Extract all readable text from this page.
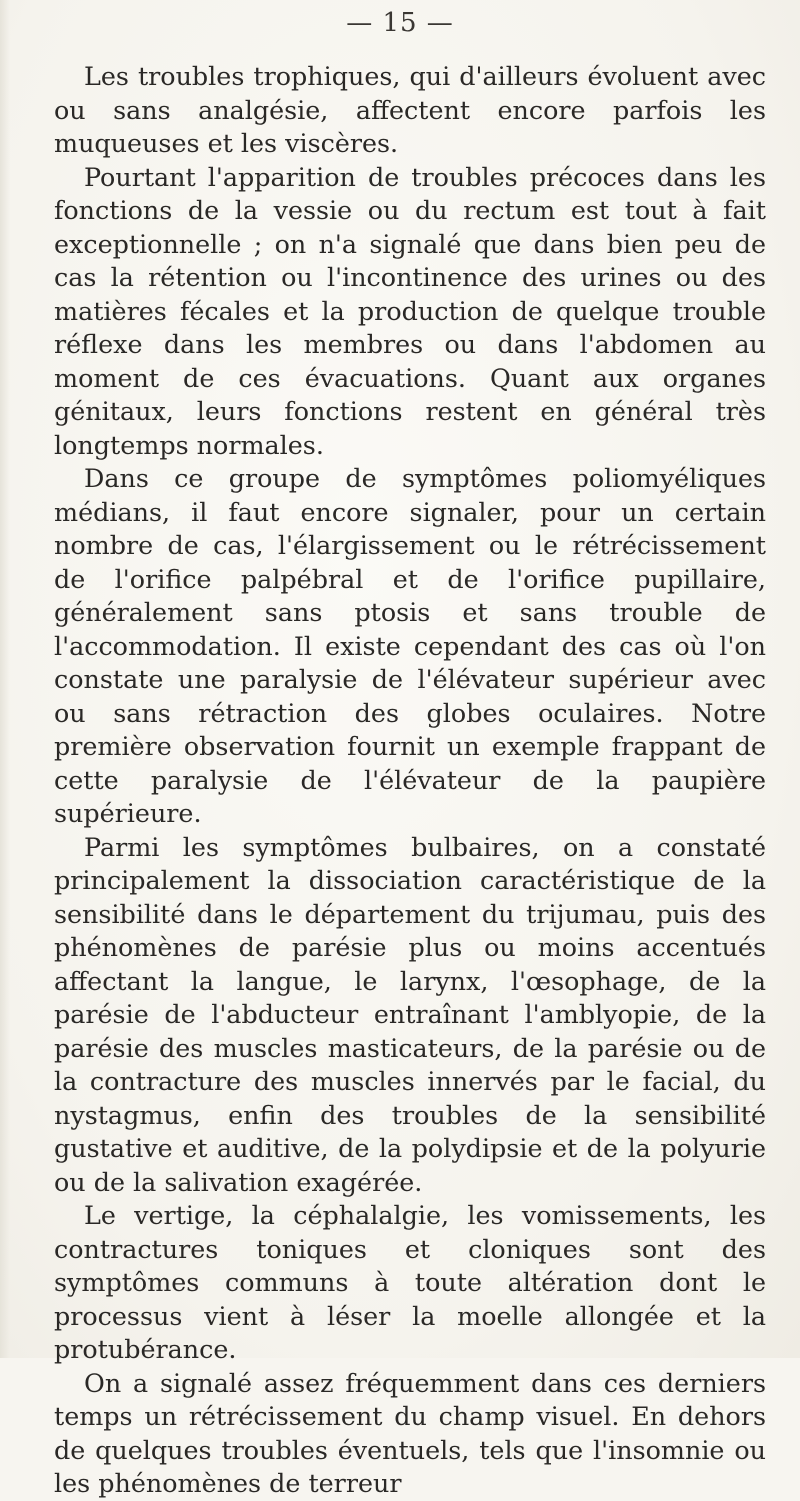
— 15 —

Les troubles trophiques, qui d'ailleurs évoluent avec ou sans analgésie, affectent encore parfois les muqueuses et les viscères.

Pourtant l'apparition de troubles précoces dans les fonctions de la vessie ou du rectum est tout à fait exceptionnelle ; on n'a signalé que dans bien peu de cas la rétention ou l'incontinence des urines ou des matières fécales et la production de quelque trouble réflexe dans les membres ou dans l'abdomen au moment de ces évacuations. Quant aux organes génitaux, leurs fonctions restent en général très longtemps normales.

Dans ce groupe de symptômes poliomyéliques médians, il faut encore signaler, pour un certain nombre de cas, l'élargissement ou le rétrécissement de l'orifice palpébral et de l'orifice pupillaire, généralement sans ptosis et sans trouble de l'accommodation. Il existe cependant des cas où l'on constate une paralysie de l'élévateur supérieur avec ou sans rétraction des globes oculaires. Notre première observation fournit un exemple frappant de cette paralysie de l'élévateur de la paupière supérieure.

Parmi les symptômes bulbaires, on a constaté principalement la dissociation caractéristique de la sensibilité dans le département du trijumau, puis des phénomènes de parésie plus ou moins accentués affectant la langue, le larynx, l'œsophage, de la parésie de l'abducteur entraînant l'amblyopie, de la parésie des muscles masticateurs, de la parésie ou de la contracture des muscles innervés par le facial, du nystagmus, enfin des troubles de la sensibilité gustative et auditive, de la polydipsie et de la polyurie ou de la salivation exagérée.

Le vertige, la céphalalgie, les vomissements, les contractures toniques et cloniques sont des symptômes communs à toute altération dont le processus vient à léser la moelle allongée et la protubérance.

On a signalé assez fréquemment dans ces derniers temps un rétrécissement du champ visuel. En dehors de quelques troubles éventuels, tels que l'insomnie ou les phénomènes de terreur
